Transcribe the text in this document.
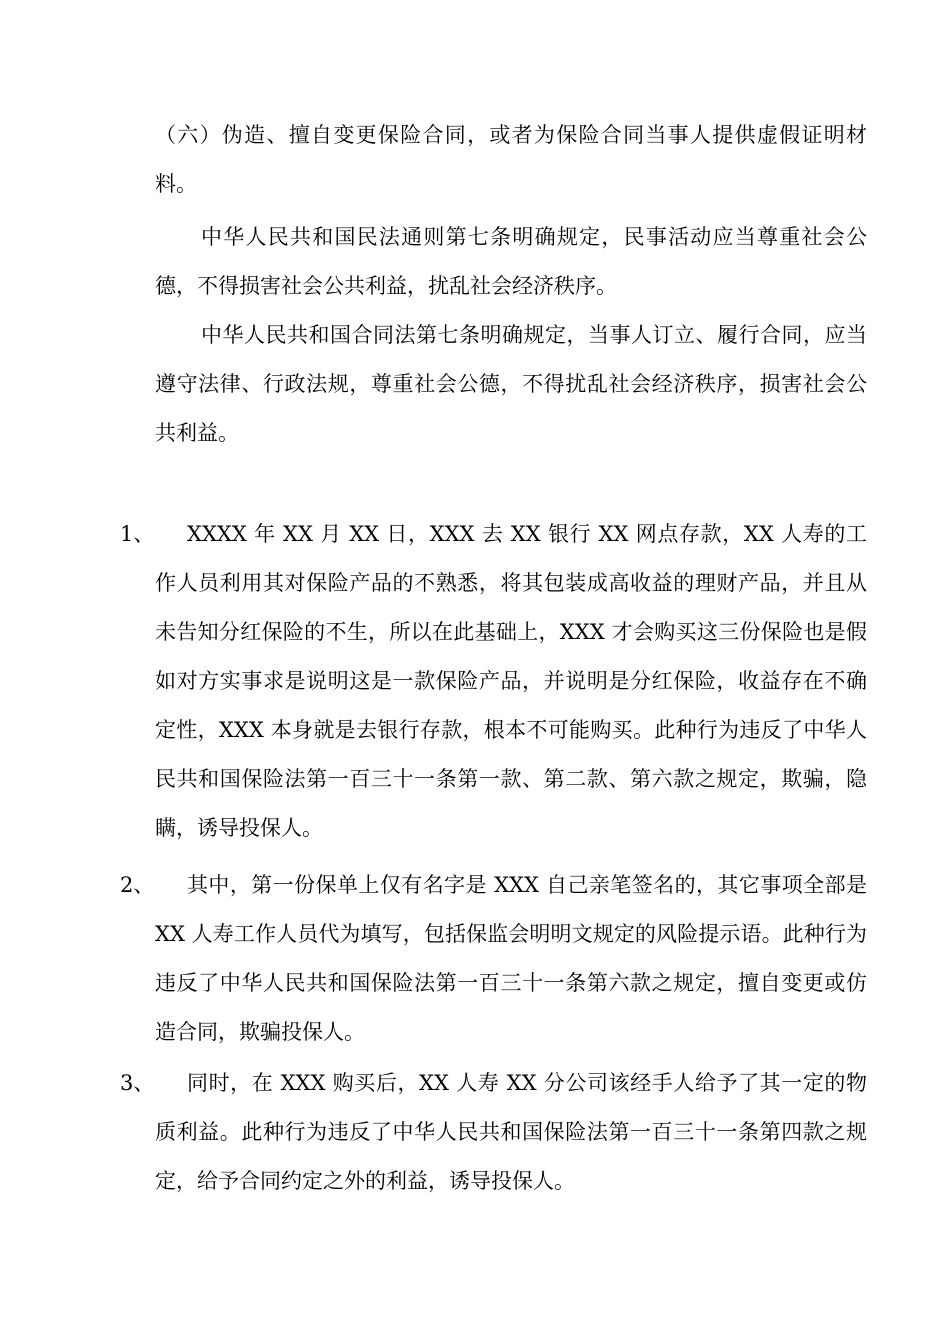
（六）伪造、擅自变更保险合同，或者为保险合同当事人提供虚假证明材料。

中华人民共和国民法通则第七条明确规定，民事活动应当尊重社会公德，不得损害社会公共利益，扰乱社会经济秩序。

中华人民共和国合同法第七条明确规定，当事人订立、履行合同，应当遵守法律、行政法规，尊重社会公德，不得扰乱社会经济秩序，损害社会公共利益。

1、	XXXX 年 XX 月 XX 日，XXX 去 XX 银行 XX 网点存款，XX 人寿的工作人员利用其对保险产品的不熟悉，将其包装成高收益的理财产品，并且从未告知分红保险的不生，所以在此基础上，XXX 才会购买这三份保险也是假如对方实事求是说明这是一款保险产品，并说明是分红保险，收益存在不确定性，XXX 本身就是去银行存款，根本不可能购买。此种行为违反了中华人民共和国保险法第一百三十一条第一款、第二款、第六款之规定，欺骗，隐瞒，诱导投保人。
2、	其中，第一份保单上仅有名字是 XXX 自己亲笔签名的，其它事项全部是 XX 人寿工作人员代为填写，包括保监会明明文规定的风险提示语。此种行为违反了中华人民共和国保险法第一百三十一条第六款之规定，擅自变更或仿造合同，欺骗投保人。
3、	同时，在 XXX 购买后，XX 人寿 XX 分公司该经手人给予了其一定的物质利益。此种行为违反了中华人民共和国保险法第一百三十一条第四款之规定，给予合同约定之外的利益，诱导投保人。
